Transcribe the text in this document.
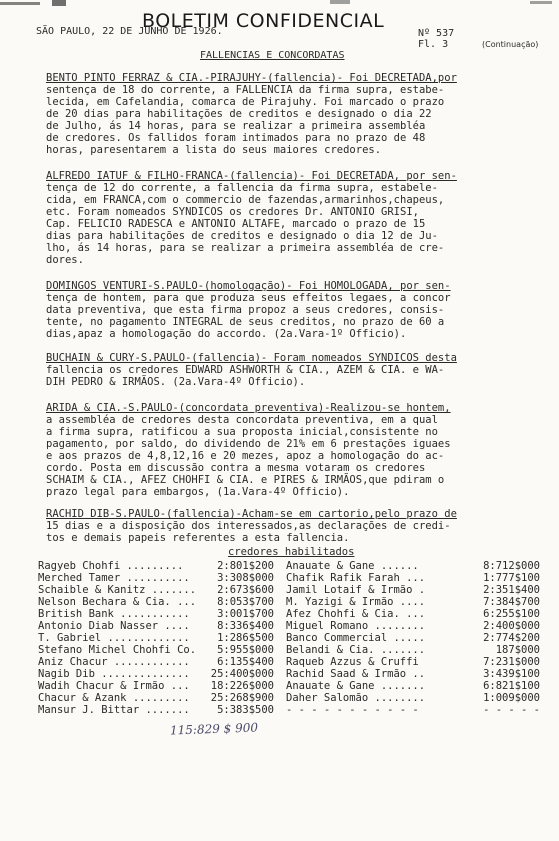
BOLETIM CONFIDENCIAL
SÃO PAULO, 22 DE JUNHO DE 1926.	Nº 537
Fl. 3	(Continuação)
FALLENCIAS E CONCORDATAS
BENTO PINTO FERRAZ & CIA.-PIRAJUHY-(fallencia)- Foi DECRETADA,por
sentença de 18 do corrente, a FALLENCIA da firma supra, estabe-
lecida, em Cafelandia, comarca de Pirajuhy. Foi marcado o prazo
de 20 dias para habilitações de creditos e designado o dia 22
de Julho, ás 14 horas, para se realizar a primeira assembléa
de credores. Os fallidos foram intimados para no prazo de 48
horas, paresentarem a lista do seus maiores credores.
ALFREDO IATUF & FILHO-FRANCA-(fallencia)- Foi DECRETADA, por sen-
tença de 12 do corrente, a fallencia da firma supra, estabele-
cida, em FRANCA,com o commercio de fazendas,armarinhos,chapeus,
etc. Foram nomeados SYNDICOS os credores Dr. ANTONIO GRISI,
Cap. FELICIO RADESCA e ANTONIO ALTAFE, marcado o prazo de 15
dias para habilitações de creditos e designado o dia 12 de Ju-
lho, ás 14 horas, para se realizar a primeira assembléa de cre-
dores.
DOMINGOS VENTURI-S.PAULO-(homologação)- Foi HOMOLOGADA, por sen-
tença de hontem, para que produza seus effeitos legaes, a concor
data preventiva, que esta firma propoz a seus credores, consis-
tente, no pagamento INTEGRAL de seus creditos, no prazo de 60 a
dias,apaz a homologação do accordo. (2a.Vara-1º Officio).
BUCHAIN & CURY-S.PAULO-(fallencia)- Foram nomeados SYNDICOS desta
fallencia os credores EDWARD ASHWORTH & CIA., AZEM & CIA. e WA-
DIH PEDRO & IRMÃOS. (2a.Vara-4º Officio).
ARIDA & CIA.-S.PAULO-(concordata preventiva)-Realizou-se hontem,
a assembléa de credores desta concordata preventiva, em a qual
a firma supra, ratificou a sua proposta inicial,consistente no
pagamento, por saldo, do dividendo de 21% em 6 prestações iguaes
e aos prazos de 4,8,12,16 e 20 mezes, apoz a homologação do ac-
cordo. Posta em discussão contra a mesma votaram os credores
SCHAIM & CIA., AFEZ CHOHFI & CIA. e PIRES & IRMÃOS,que pdiram o
prazo legal para embargos, (1a.Vara-4º Officio).
RACHID DIB-S.PAULO-(fallencia)-Acham-se em cartorio,pelo prazo de
15 dias e a disposição dos interessados,as declarações de credi-
tos e demais papeis referentes a esta fallencia.
credores habilitados
Ragyeb Chohfi .........	2:801$200 Anauate & Gane ......	8:712$000
Merched Tamer ..........	3:308$000 Chafik Rafik Farah ...	1:777$100
Schaible & Kanitz .......	2:673$600 Jamil Lotaif & Irmão .	2:351$400
Nelson Bechara & Cia. ...	8:053$700 M. Yazigi & Irmão ....	7:384$700
British Bank ...........	3:001$700 Afez Chohfi & Cia. ...	6:255$100
Antonio Diab Nasser ....	8:336$400 Miguel Romano ........	2:400$000
T. Gabriel .............	1:286$500 Banco Commercial .....	2:774$200
Stefano Michel Chohfi Co.	5:955$000 Belandi & Cia. .......	187$000
Aniz Chacur ............	6:135$400 Raqueb Azzus & Cruffi	7:231$000
Nagib Dib ..............	25:400$000 Rachid Saad & Irmão ..	3:439$100
Wadih Chacur & Irmão ...	18:226$000 Anauate & Gane .......	6:821$100
Chacur & Azank .........	25:268$900 Daher Salomão ........	1:009$000
Mansur J. Bittar .......	5:383$500 - - - - - - - - - - -	- - - - -
115:829 $ 900
